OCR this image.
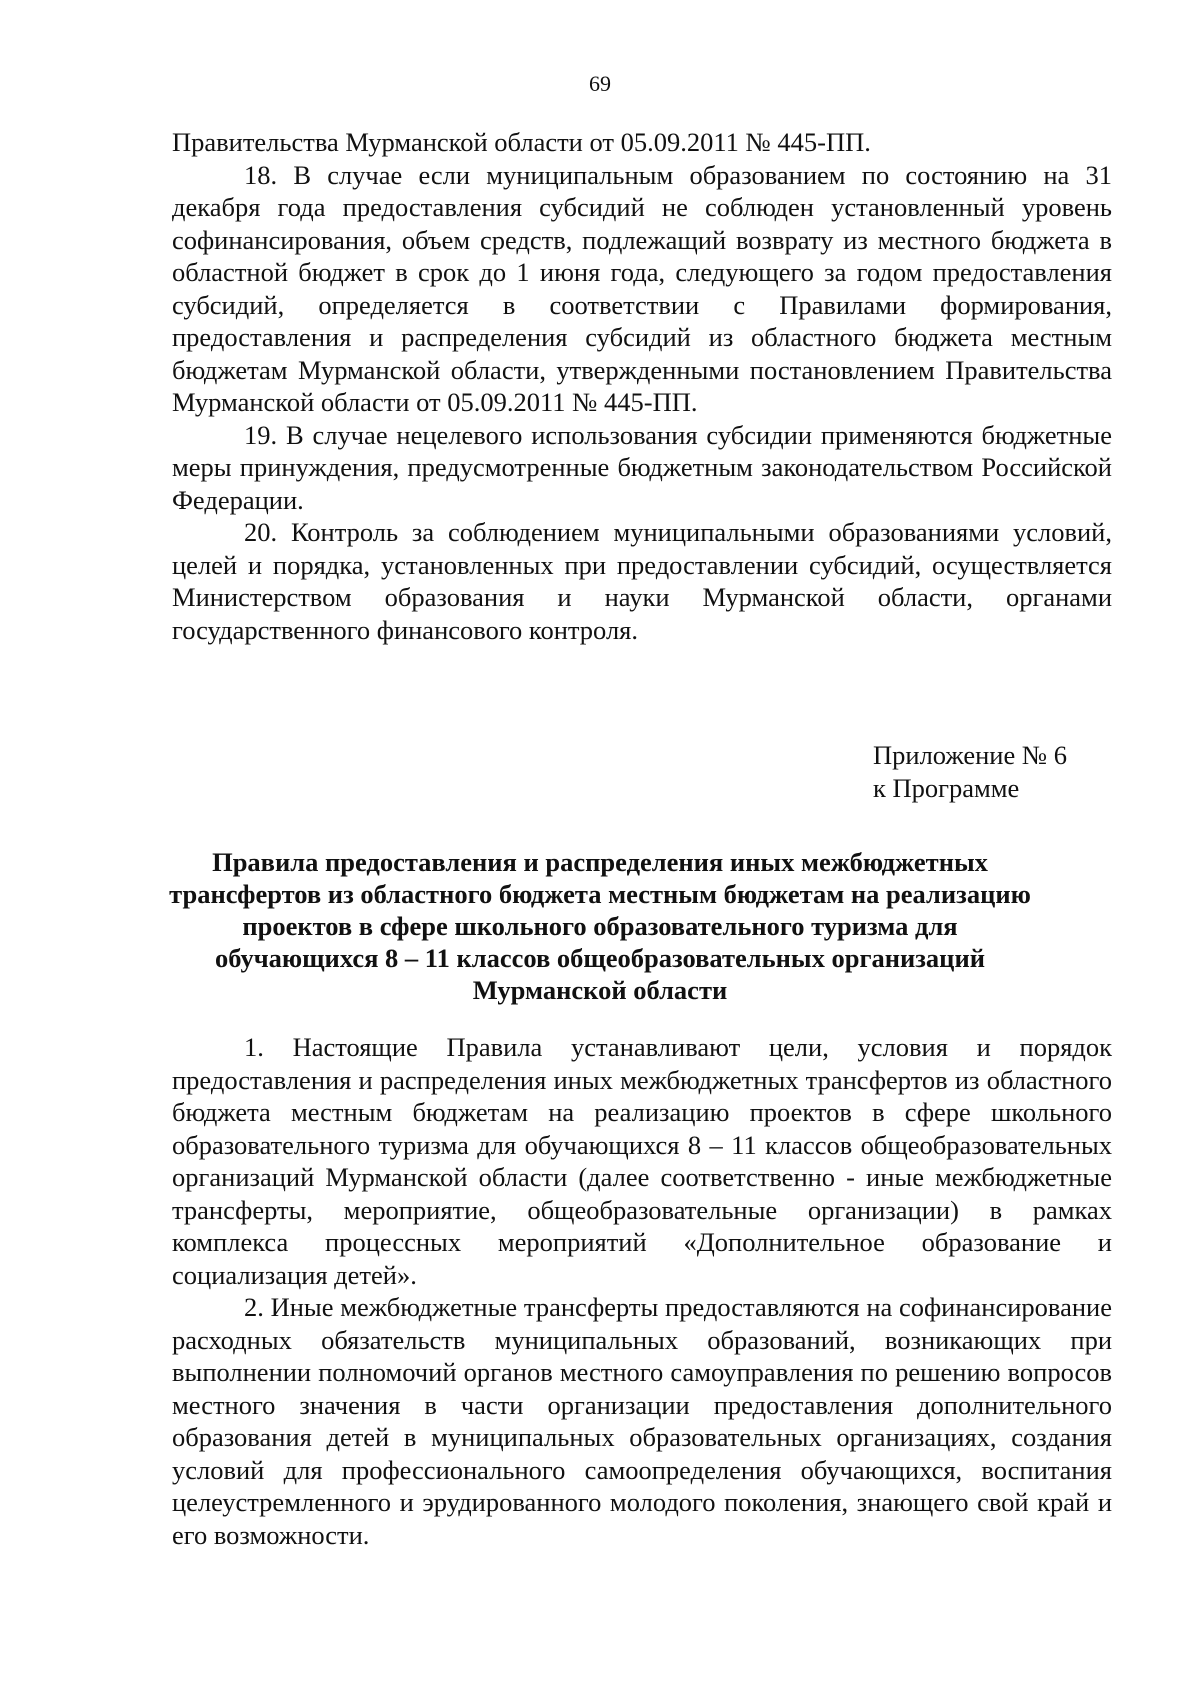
69

Правительства Мурманской области от 05.09.2011 № 445-ПП.

18. В случае если муниципальным образованием по состоянию на 31 декабря года предоставления субсидий не соблюден установленный уровень софинансирования, объем средств, подлежащий возврату из местного бюджета в областной бюджет в срок до 1 июня года, следующего за годом предоставления субсидий, определяется в соответствии с Правилами формирования, предоставления и распределения субсидий из областного бюджета местным бюджетам Мурманской области, утвержденными постановлением Правительства Мурманской области от 05.09.2011 № 445-ПП.

19. В случае нецелевого использования субсидии применяются бюджетные меры принуждения, предусмотренные бюджетным законодательством Российской Федерации.

20. Контроль за соблюдением муниципальными образованиями условий, целей и порядка, установленных при предоставлении субсидий, осуществляется Министерством образования и науки Мурманской области, органами государственного финансового контроля.

Приложение № 6
к Программе
Правила предоставления и распределения иных межбюджетных
трансфертов из областного бюджета местным бюджетам на реализацию
проектов в сфере школьного образовательного туризма для
обучающихся 8 – 11 классов общеобразовательных организаций
Мурманской области

1. Настоящие Правила устанавливают цели, условия и порядок предоставления и распределения иных межбюджетных трансфертов из областного бюджета местным бюджетам на реализацию проектов в сфере школьного образовательного туризма для обучающихся 8 – 11 классов общеобразовательных организаций Мурманской области (далее соответственно - иные межбюджетные трансферты, мероприятие, общеобразовательные организации) в рамках комплекса процессных мероприятий «Дополнительное образование и социализация детей».

2. Иные межбюджетные трансферты предоставляются на софинансирование расходных обязательств муниципальных образований, возникающих при выполнении полномочий органов местного самоуправления по решению вопросов местного значения в части организации предоставления дополнительного образования детей в муниципальных образовательных организациях, создания условий для профессионального самоопределения обучающихся, воспитания целеустремленного и эрудированного молодого поколения, знающего свой край и его возможности.
